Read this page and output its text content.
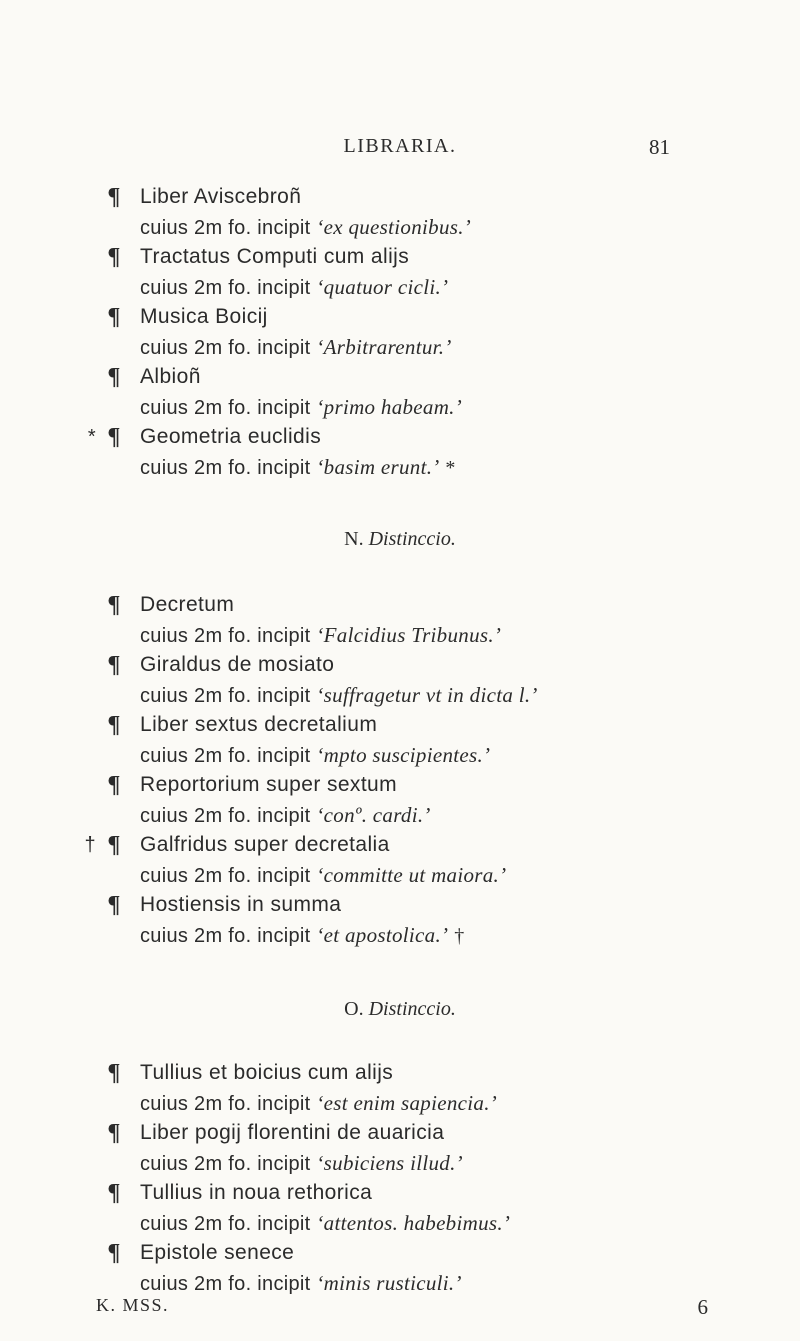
LIBRARIA.	81
¶ Liber Aviscebroñ
cuius 2m fo. incipit ‘ex questionibus.’
¶ Tractatus Computi cum alijs
cuius 2m fo. incipit ‘quatuor cicli.’
¶ Musica Boicij
cuius 2m fo. incipit ‘Arbitrarentur.’
¶ Albioñ
cuius 2m fo. incipit ‘primo habeam.’
* ¶ Geometria euclidis
cuius 2m fo. incipit ‘basim erunt.’ *
N. Distinccio.
¶ Decretum
cuius 2m fo. incipit ‘Falcidius Tribunus.’
¶ Giraldus de mosiato
cuius 2m fo. incipit ‘suffragetur vt in dicta l.’
¶ Liber sextus decretalium
cuius 2m fo. incipit ‘mpto suscipientes.’
¶ Reportorium super sextum
cuius 2m fo. incipit ‘conº. cardi.’
† ¶ Galfridus super decretalia
cuius 2m fo. incipit ‘committe ut maiora.’
¶ Hostiensis in summa
cuius 2m fo. incipit ‘et apostolica.’ †
O. Distinccio.
¶ Tullius et boicius cum alijs
cuius 2m fo. incipit ‘est enim sapiencia.’
¶ Liber pogij florentini de auaricia
cuius 2m fo. incipit ‘subiciens illud.’
¶ Tullius in noua rethorica
cuius 2m fo. incipit ‘attentos. habebimus.’
¶ Epistole senece
cuius 2m fo. incipit ‘minis rusticuli.’
K. MSS.	6
